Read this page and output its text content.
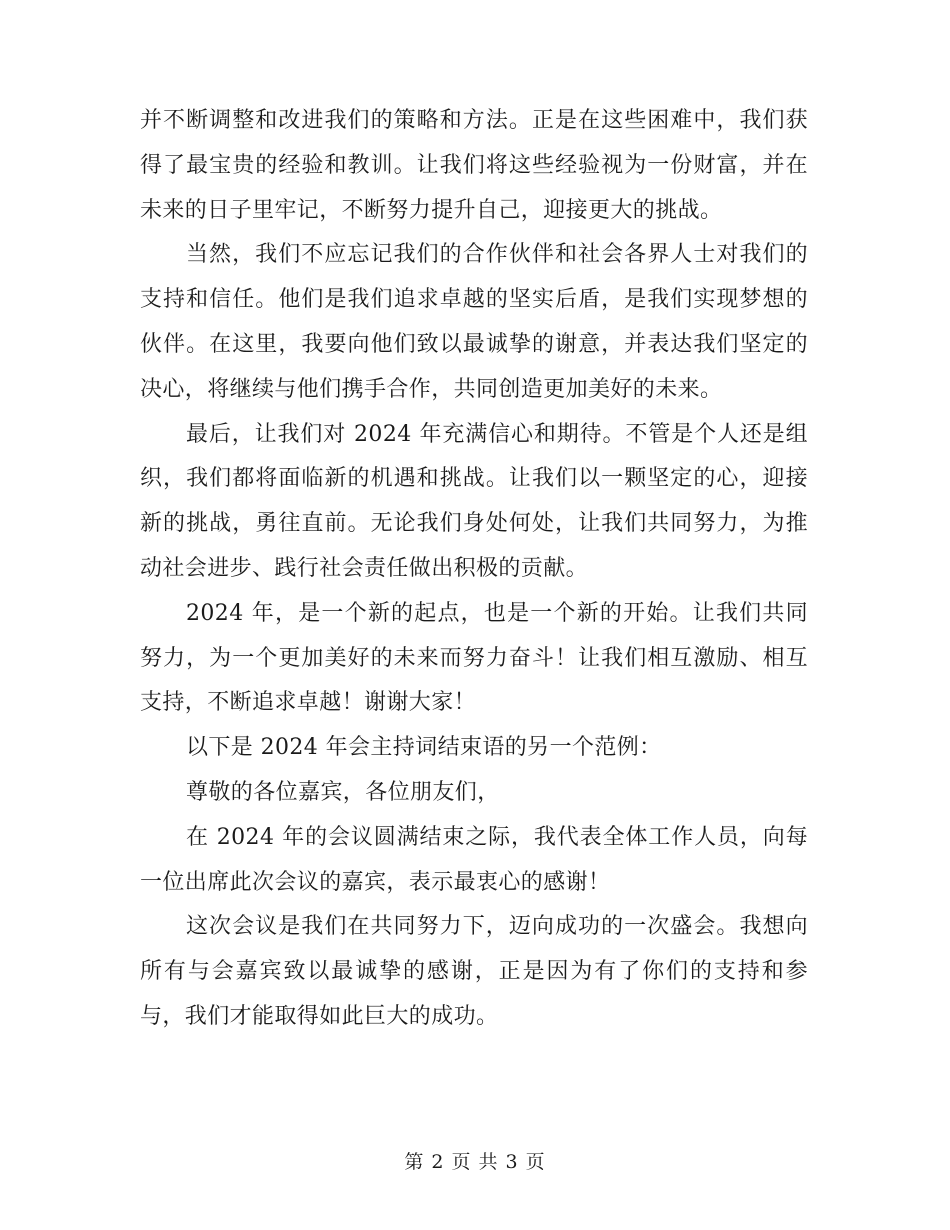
并不断调整和改进我们的策略和方法。正是在这些困难中，我们获得了最宝贵的经验和教训。让我们将这些经验视为一份财富，并在未来的日子里牢记，不断努力提升自己，迎接更大的挑战。

当然，我们不应忘记我们的合作伙伴和社会各界人士对我们的支持和信任。他们是我们追求卓越的坚实后盾，是我们实现梦想的伙伴。在这里，我要向他们致以最诚挚的谢意，并表达我们坚定的决心，将继续与他们携手合作，共同创造更加美好的未来。

最后，让我们对 2024 年充满信心和期待。不管是个人还是组织，我们都将面临新的机遇和挑战。让我们以一颗坚定的心，迎接新的挑战，勇往直前。无论我们身处何处，让我们共同努力，为推动社会进步、践行社会责任做出积极的贡献。

2024 年，是一个新的起点，也是一个新的开始。让我们共同努力，为一个更加美好的未来而努力奋斗！让我们相互激励、相互支持，不断追求卓越！谢谢大家！

以下是 2024 年会主持词结束语的另一个范例：

尊敬的各位嘉宾，各位朋友们，

在 2024 年的会议圆满结束之际，我代表全体工作人员，向每一位出席此次会议的嘉宾，表示最衷心的感谢！

这次会议是我们在共同努力下，迈向成功的一次盛会。我想向所有与会嘉宾致以最诚挚的感谢，正是因为有了你们的支持和参与，我们才能取得如此巨大的成功。

第 2 页 共 3 页
